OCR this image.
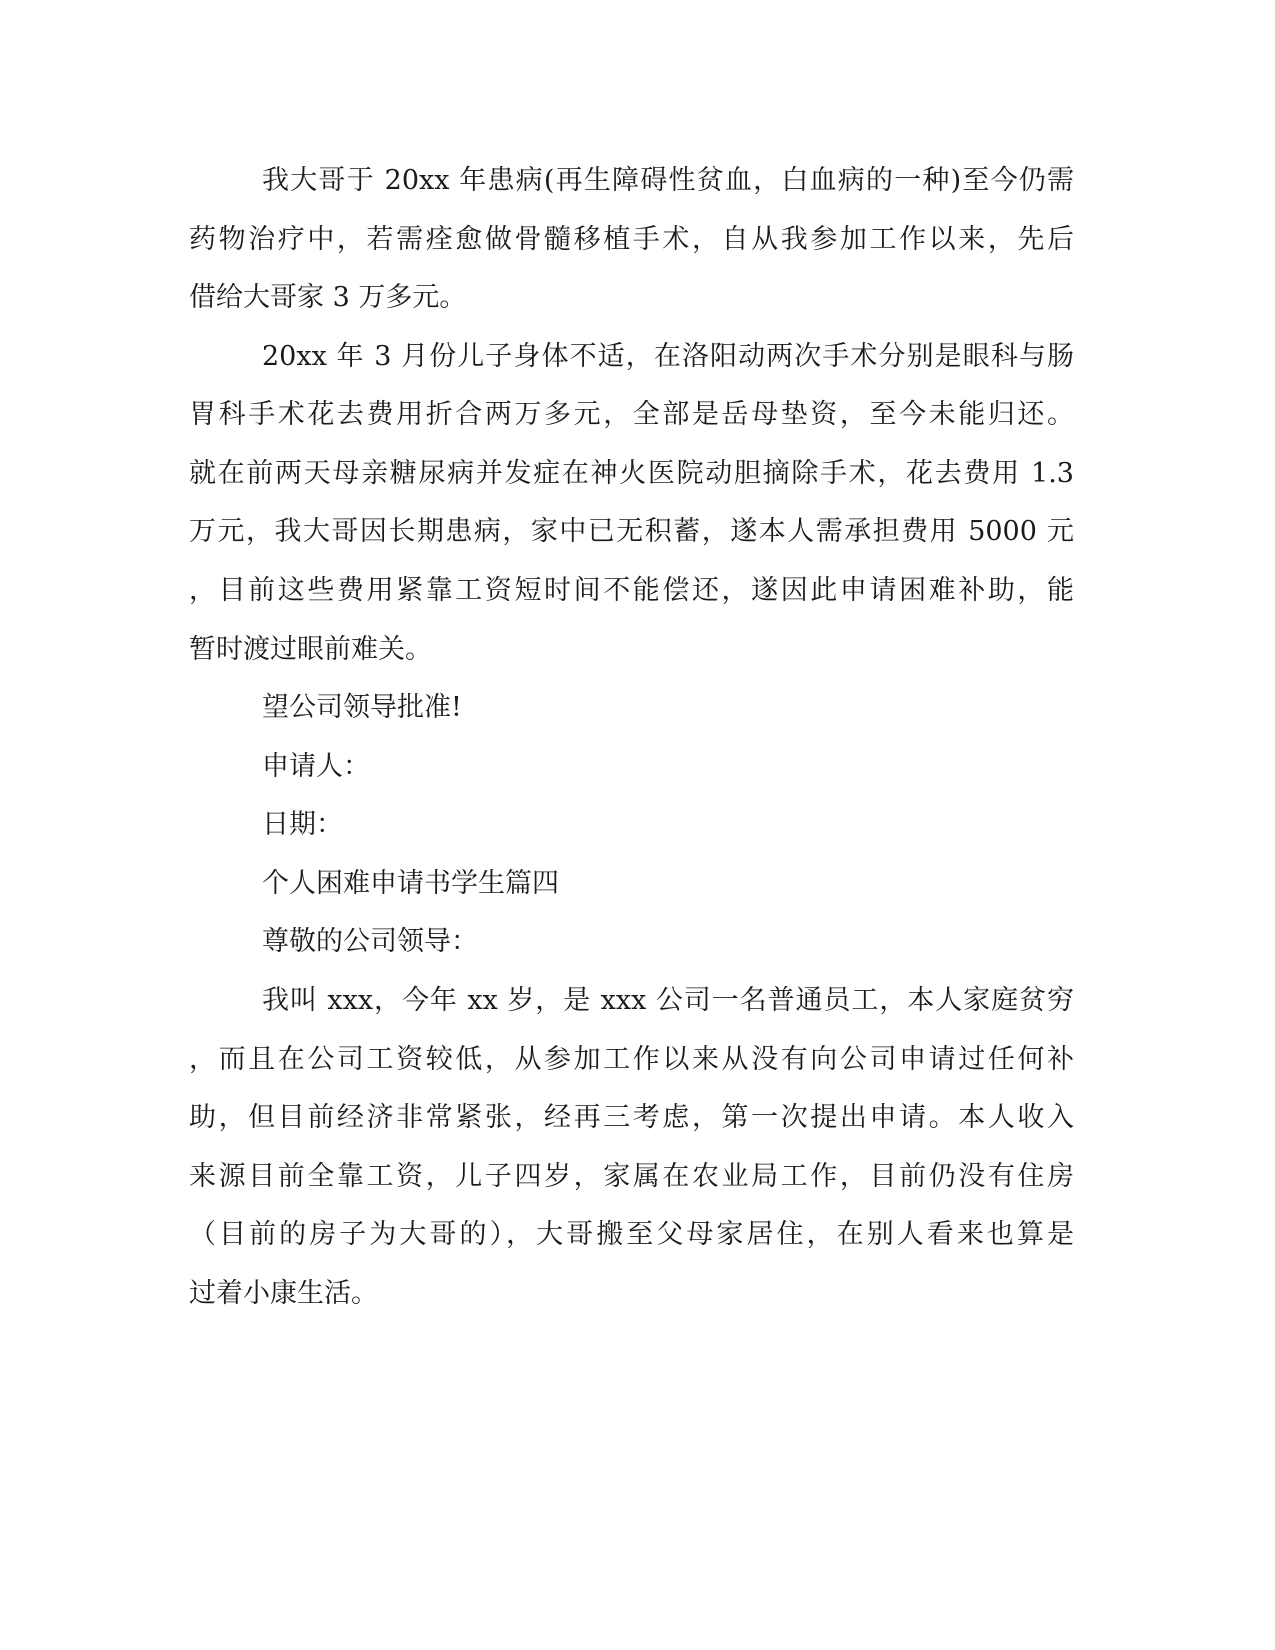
我大哥于 20xx 年患病(再生障碍性贫血，白血病的一种)至今仍需
药物治疗中，若需痊愈做骨髓移植手术，自从我参加工作以来，先后
借给大哥家 3 万多元。
20xx 年 3 月份儿子身体不适，在洛阳动两次手术分别是眼科与肠
胃科手术花去费用折合两万多元，全部是岳母垫资，至今未能归还。
就在前两天母亲糖尿病并发症在神火医院动胆摘除手术，花去费用 1.3
万元，我大哥因长期患病，家中已无积蓄，遂本人需承担费用 5000 元
，目前这些费用紧靠工资短时间不能偿还，遂因此申请困难补助，能
暂时渡过眼前难关。
望公司领导批准!
申请人：
日期：
个人困难申请书学生篇四
尊敬的公司领导：
我叫 xxx，今年 xx 岁，是 xxx 公司一名普通员工，本人家庭贫穷
，而且在公司工资较低，从参加工作以来从没有向公司申请过任何补
助，但目前经济非常紧张，经再三考虑，第一次提出申请。本人收入
来源目前全靠工资，儿子四岁，家属在农业局工作，目前仍没有住房
（目前的房子为大哥的），大哥搬至父母家居住，在别人看来也算是
过着小康生活。
